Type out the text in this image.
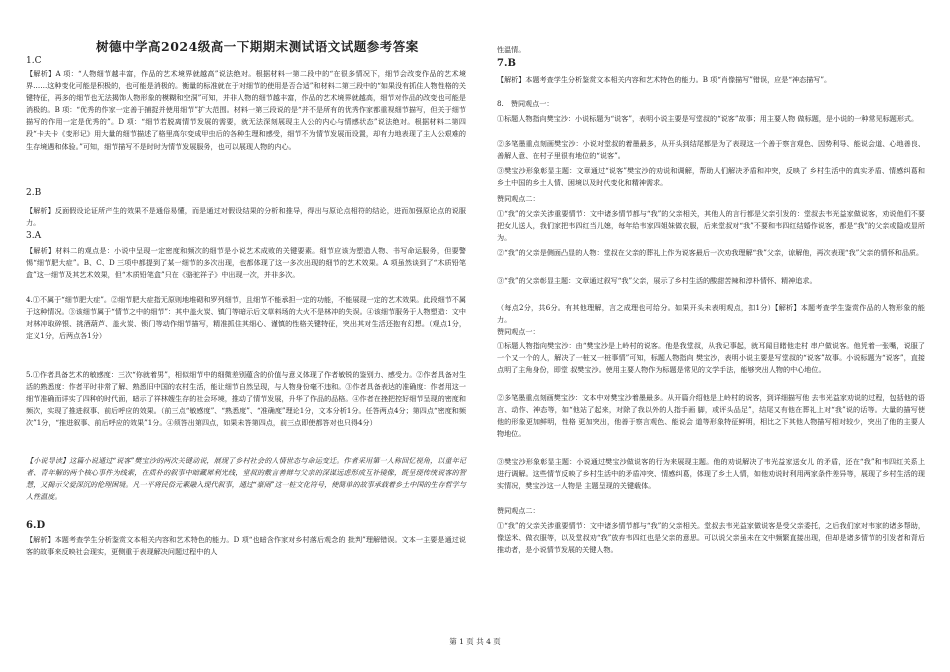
树德中学高2024级高一下期期末测试语文试题参考答案

1.C

【解析】A 项：“人物细节越丰富，作品的艺术境界就越高”说法绝对。根据材料一第二段中的“在很多情况下，细节会改变作品的艺术境界……这种变化可能是积极的，也可能是消极的。衡量的标准就在于对细节的使用是否合适”和材料二第三段中的“如果没有抓住人物性格的关键特征，再多的细节也无法揭饰人物形象的模糊和空洞”可知，并非人物的细节越丰富，作品的艺术境界就越高，细节对作品的改变也可能是消极的。B 项：“优秀的作家一定善于捕捉并使用细节”扩大范围。材料一第三段说的是“并不是所有的优秀作家都重视细节描写，但关于细节描写的作用一定是优秀的”。D 项：“细节若脱离情节发展的需要，就无法深刻展现主人公的内心与情感状态”说法绝对。根据材料二第四段“卡夫卡《变形记》用大量的细节描述了格里高尔变成甲虫后的各种生理和感受，细节不为情节发展而设置，却有力地表现了主人公艰难的生存境遇和体验。”可知，细节描写不是时时为情节发展服务，也可以展现人物的内心。

2.B

【解析】反面假设论证所产生的效果不是通俗易懂，而是通过对假设结果的分析和推导，得出与原论点相符的结论，进而加强原论点的说服力。

3.A

【解析】材料二的观点是：小说中呈现一定密度和频次的细节是小说艺术成败的关键要素。细节应该为塑造人物、书写命运服务，但要警惕“细节肥大症”。B、C、D 三项中都提到了某一细节的多次出现，也都体现了这一多次出现的细节的艺术效果。A 项虽然谈到了“木质铅笔盒”这一细节及其艺术效果，但“木质铅笔盒”只在《骆驼祥子》中出现一次，并非多次。

4.①不属于“细节肥大症”。②细节肥大症指无原则地堆砌和罗列细节，且细节不能承担一定的功能，不能展现一定的艺术效果。此段细节不属于这种情况。③该细节属于“情节之中的细节”：其中盖火炭、镇门等暗示后文草料场的大火不是林冲的失误。④该细节服务于人物塑造：文中对林冲取碎银、挑酒葫芦、盖火炭、锁门等动作细节描写，精准抓住其细心、谨慎的性格关键特征，突出其对生活还抱有幻想。（观点1分，定义1分，后两点各1分）

5.①作者具备艺术的敏感度：三次“你就着男”，相似细节中的细微差别蕴含的价值与意义体现了作者敏锐的鉴别力、感受力。②作者具备对生活的熟悉度：作者平时非常了解、熟悉旧中国的农村生活，能让细节自然呈现，与人物身份毫不违和。③作者具备表达的准确度：作者用这一细节准确而详实了四种的时代面，暗示了祥林嫂生存的社会环境，推动了情节发展，升华了作品的品格。④作者在挫把控好细节呈现的密度和频次，实现了推进叙事、前后呼应的效果。（前三点“敏感度”、“熟悉度”、“准确度”理论1分，文本分析1分。任答两点4分；第四点“密度和频次”1分，“推进叙事、前后呼应的效果”1分。④须答出第四点，如果未答第四点，前三点即使都答对也只得4分）

【小说导读】这篇小说通过“说客”樊宝沙的两次关键动说，展现了乡村社会的人情世态与命运变迁。作者采用第一人称回忆视角，以童年记者、青年解的两个核心事件为线索，在质朴的叙事中暗藏犀利光线，堂叔的敷言善辩与父亲的深谋远虑形成互补镜像，既呈现传统说客的智慧，又揭示父爱深沉的伦理困境。凡一平将民俗元素融入现代叙事，通过“豪闹”这一桩文化符号，使简单的故事承载着乡土中国的生存哲学与人性温度。

6.D

【解析】本题考查学生分析鉴赏文本相关内容和艺术特色的能力。D 项“也暗含作家对乡村落后观念的 批判”理解错误。文本一主要是通过说客的故事来反映社会现实，更侧重于表现解决问题过程中的人

性温情。

7.B

【解析】本题考查学生分析鉴赏文本相关内容和艺术特色的能力。B 项“肖像描写”错误，应是“神态描写”。

8.　赞同观点一：

①标题人物指向樊宝沙：小说标题为“说客”，表明小说主要是写堂叔的“说客”故事；用主要人物 做标题，是小说的一种常见标题形式。

②多笔墨重点刻画樊宝沙：小说对堂叔的着墨最多，从开头到结尾都是为了表现这一个善于察言观色、因势利导、能说会道、心地善良、善解人意、在村子里很有地位的“说客”。

③樊宝沙形象彰显主题：文章通过“说客”樊宝沙的劝说和调解，帮助人们解决矛盾和冲突，反映了 乡村生活中的真实矛盾、情感纠葛和乡土中国的乡土人情、困境以及时代变化和精神需求。

赞同观点二：

①“我”的父亲关涉重要情节：文中诸多情节都与“我”的父亲相关，其他人的言行都是父亲引发的：堂叔去韦光益家做说客，劝说他们不要把女儿送人，我们家把韦四红当儿媳，每年给韦家四姐妹做衣服，后来堂叔对“我”不要和韦四红结婚作说客，都是“我”的父亲或隐或显所为。

②“我”的父亲是侧面凸显的人物：堂叔在父亲的葬礼上作为说客最后一次劝我理解“我”父亲，谅解他，再次表现“我”父亲的情怀和品质。

③“我”的父亲彰显主题：文章通过叙写“我”父亲，展示了乡村生活的酸甜苦辣和淳朴情怀、精神追求。

（每点2分，共6分。有其他理解，言之成理也可给分。如果开头未表明观点，扣1分）【解析】本题考查学生鉴赏作品的人物形象的能力。

赞同观点一：

①标题人物指向樊宝沙：由“樊宝沙是上岭村的说客。他是我堂叔，从我记事起，就耳闻目睹他走村 串户做说客。他凭着一张嘴，说服了一个又一个的人，解决了一桩又一桩事情”可知，标题人物指向 樊宝沙，表明小说主要是写堂叔的“说客”故事。小说标题为“说客”，直接点明了主角身份，即堂 叔樊宝沙。使用主要人物作为标题是常见的文学手法，能够突出人物的中心地位。

②多笔墨重点刻画樊宝沙：文本中对樊宝沙着墨最多。从开篇介绍他是上岭村的说客，到详细描写他 去韦光益家劝说的过程，包括他的语言、动作、神态等，如“他站了起来，对除了我以外的人指手画 脚，或评头品足”，结尾又有他在葬礼上对“我”说的话等。大量的描写使他的形象更加鲜明，性格 更加突出，他善于察言观色、能说会 道等形象特征鲜明，相比之下其他人物描写相对较少，突出了他的主要人物地位。

③樊宝沙形象彰显主题：小说通过樊宝沙做说客的行为来展现主题。他的劝说解决了韦光益家送女儿 的矛盾，还在“我”和韦四红关系上进行调解。这些情节反映了乡村生活中的矛盾冲突、情感纠葛，体现了乡土人情，如他劝说时利用两家条件差异等，展现了乡村生活的现实情况，樊宝沙这一人物是 主题呈现的关键载体。

赞同观点二：

①“我”的父亲关涉重要情节：文中诸多情节都与“我”的父亲相关。堂叔去韦光益家做说客是受父亲委托，之后我们家对韦家的诸多帮助，像送米、做衣服等，以及堂叔劝“我”放弃韦四红也是父亲的意思。可以说父亲虽未在文中频繁直接出现，但却是诸多情节的引发者和背后推动者，是小说情节发展的关键人物。

第 1 页 共 4 页
